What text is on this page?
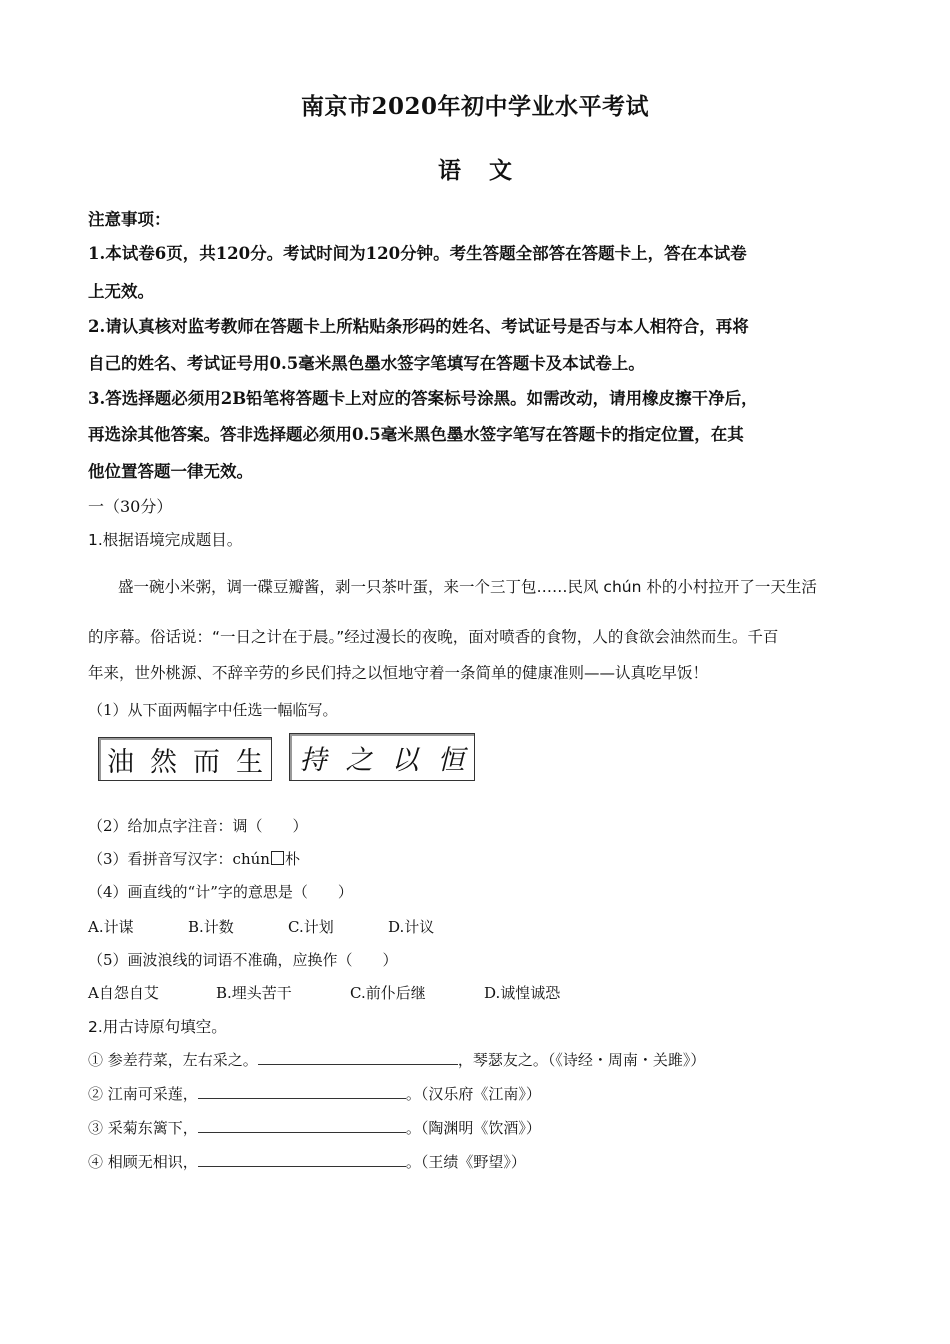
南京市2020年初中学业水平考试
语 文
注意事项：
1.本试卷6页，共120分。考试时间为120分钟。考生答题全部答在答题卡上，答在本试卷
上无效。
2.请认真核对监考教师在答题卡上所粘贴条形码的姓名、考试证号是否与本人相符合，再将
自己的姓名、考试证号用0.5毫米黑色墨水签字笔填写在答题卡及本试卷上。
3.答选择题必须用2B铅笔将答题卡上对应的答案标号涂黑。如需改动，请用橡皮擦干净后，
再选涂其他答案。答非选择题必须用0.5毫米黑色墨水签字笔写在答题卡的指定位置，在其
他位置答题一律无效。
一（30分）
1.根据语境完成题目。
盛一碗小米粥，调一碟豆瓣酱，剥一只茶叶蛋，来一个三丁包……民风 chún 朴的小村拉开了一天生活
的序幕。俗话说：“一日之计在于晨。”经过漫长的夜晚，面对喷香的食物，人的食欲会油然而生。千百
年来，世外桃源、不辞辛劳的乡民们持之以恒地守着一条简单的健康准则——认真吃早饭！
（1）从下面两幅字中任选一幅临写。
油 然 而 生 持 之 以 恒
（2）给加点字注音：调（　　）
（3）看拼音写汉字：chún 朴
（4）画直线的“计”字的意思是（　　）
A.计谋	B.计数	C.计划	D.计议
（5）画波浪线的词语不准确，应换作（　　）
A自怨自艾	B.埋头苦干	C.前仆后继	D.诚惶诚恐
2.用古诗原句填空。
① 参差荇菜，左右采之。	，琴瑟友之。（《诗经・周南・关雎》）
② 江南可采莲，	。（汉乐府《江南》）
③ 采菊东篱下，	。（陶渊明《饮酒》）
④ 相顾无相识，	。（王绩《野望》）
